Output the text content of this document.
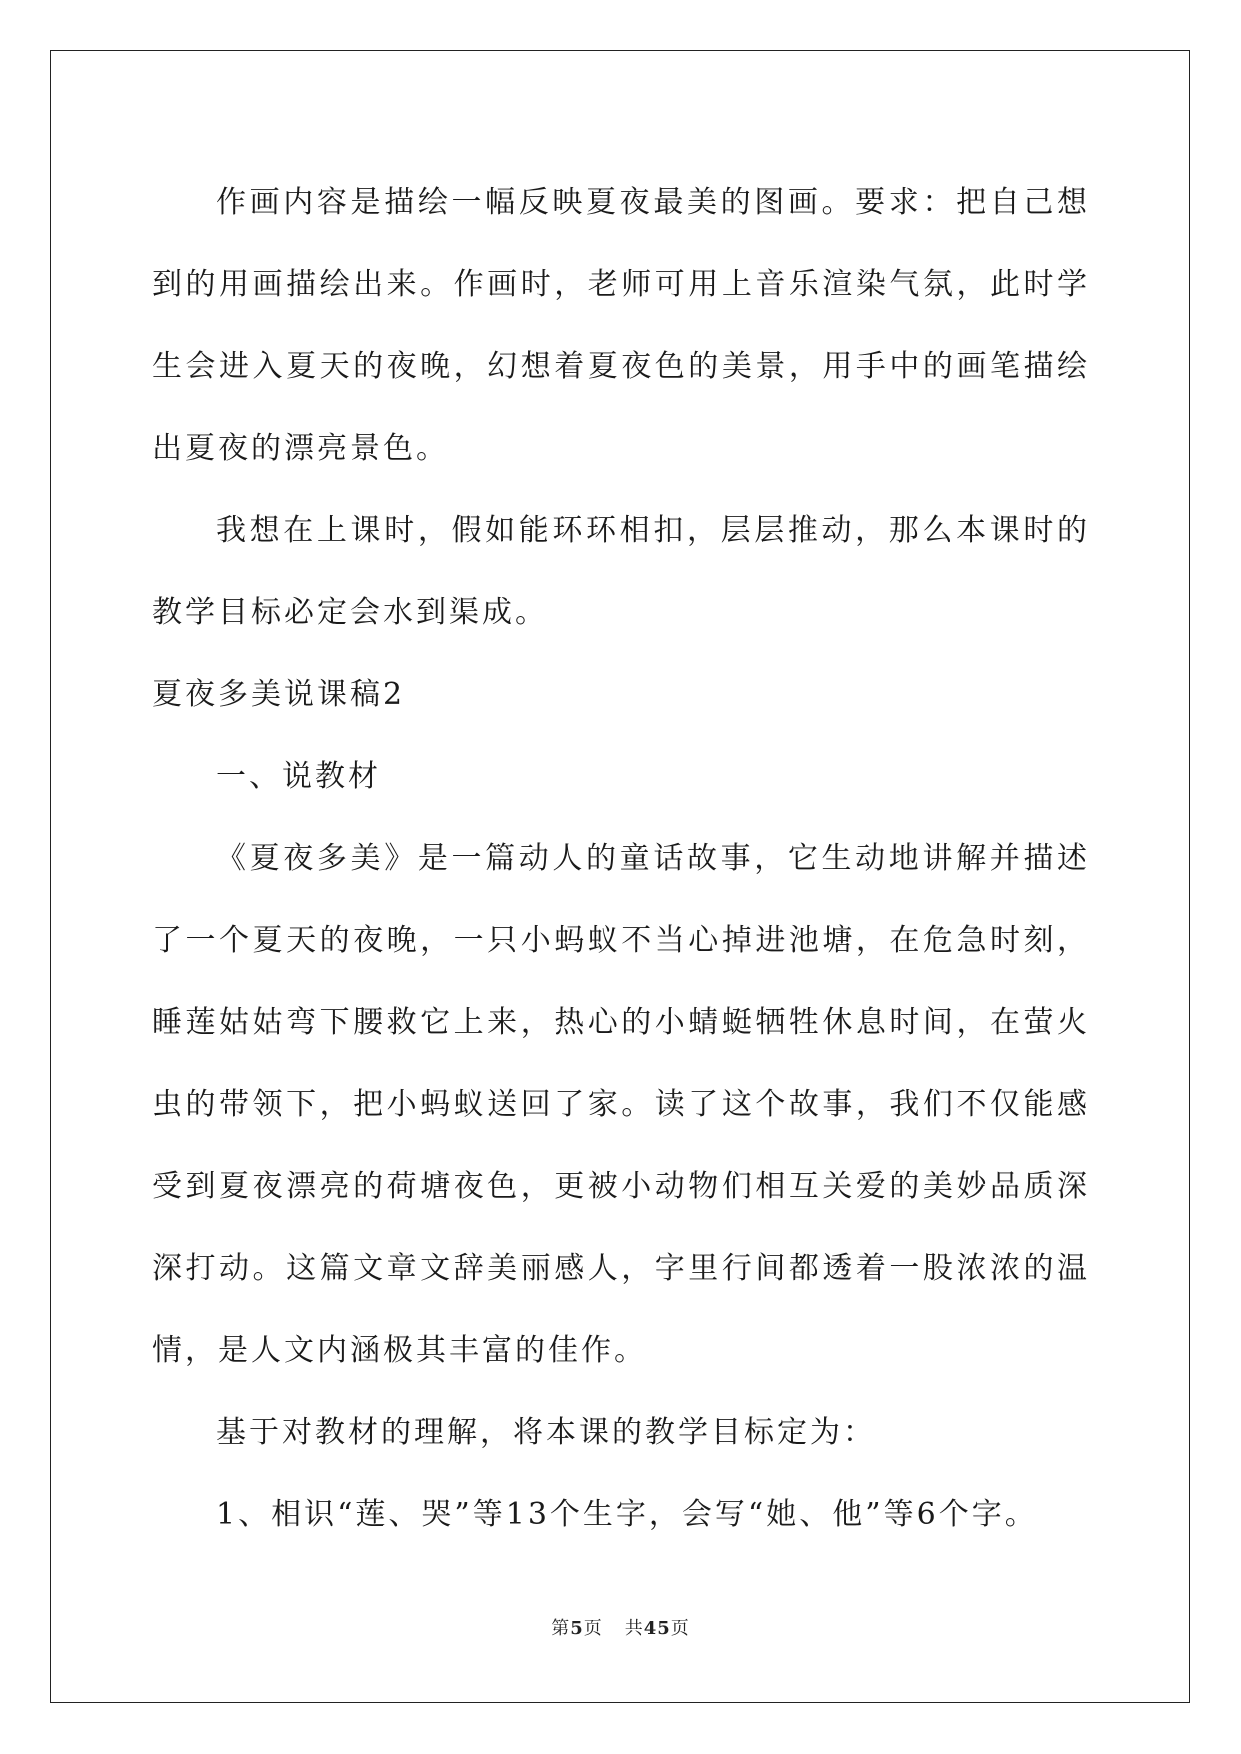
作画内容是描绘一幅反映夏夜最美的图画。要求：把自己想到的用画描绘出来。作画时，老师可用上音乐渲染气氛，此时学生会进入夏天的夜晚，幻想着夏夜色的美景，用手中的画笔描绘出夏夜的漂亮景色。

我想在上课时，假如能环环相扣，层层推动，那么本课时的教学目标必定会水到渠成。

夏夜多美说课稿2

一、说教材

《夏夜多美》是一篇动人的童话故事，它生动地讲解并描述了一个夏天的夜晚，一只小蚂蚁不当心掉进池塘，在危急时刻，睡莲姑姑弯下腰救它上来，热心的小蜻蜓牺牲休息时间，在萤火虫的带领下，把小蚂蚁送回了家。读了这个故事，我们不仅能感受到夏夜漂亮的荷塘夜色，更被小动物们相互关爱的美妙品质深深打动。这篇文章文辞美丽感人，字里行间都透着一股浓浓的温情，是人文内涵极其丰富的佳作。

基于对教材的理解，将本课的教学目标定为：

1、相识“莲、哭”等13个生字，会写“她、他”等6个字。

第5页 共45页
